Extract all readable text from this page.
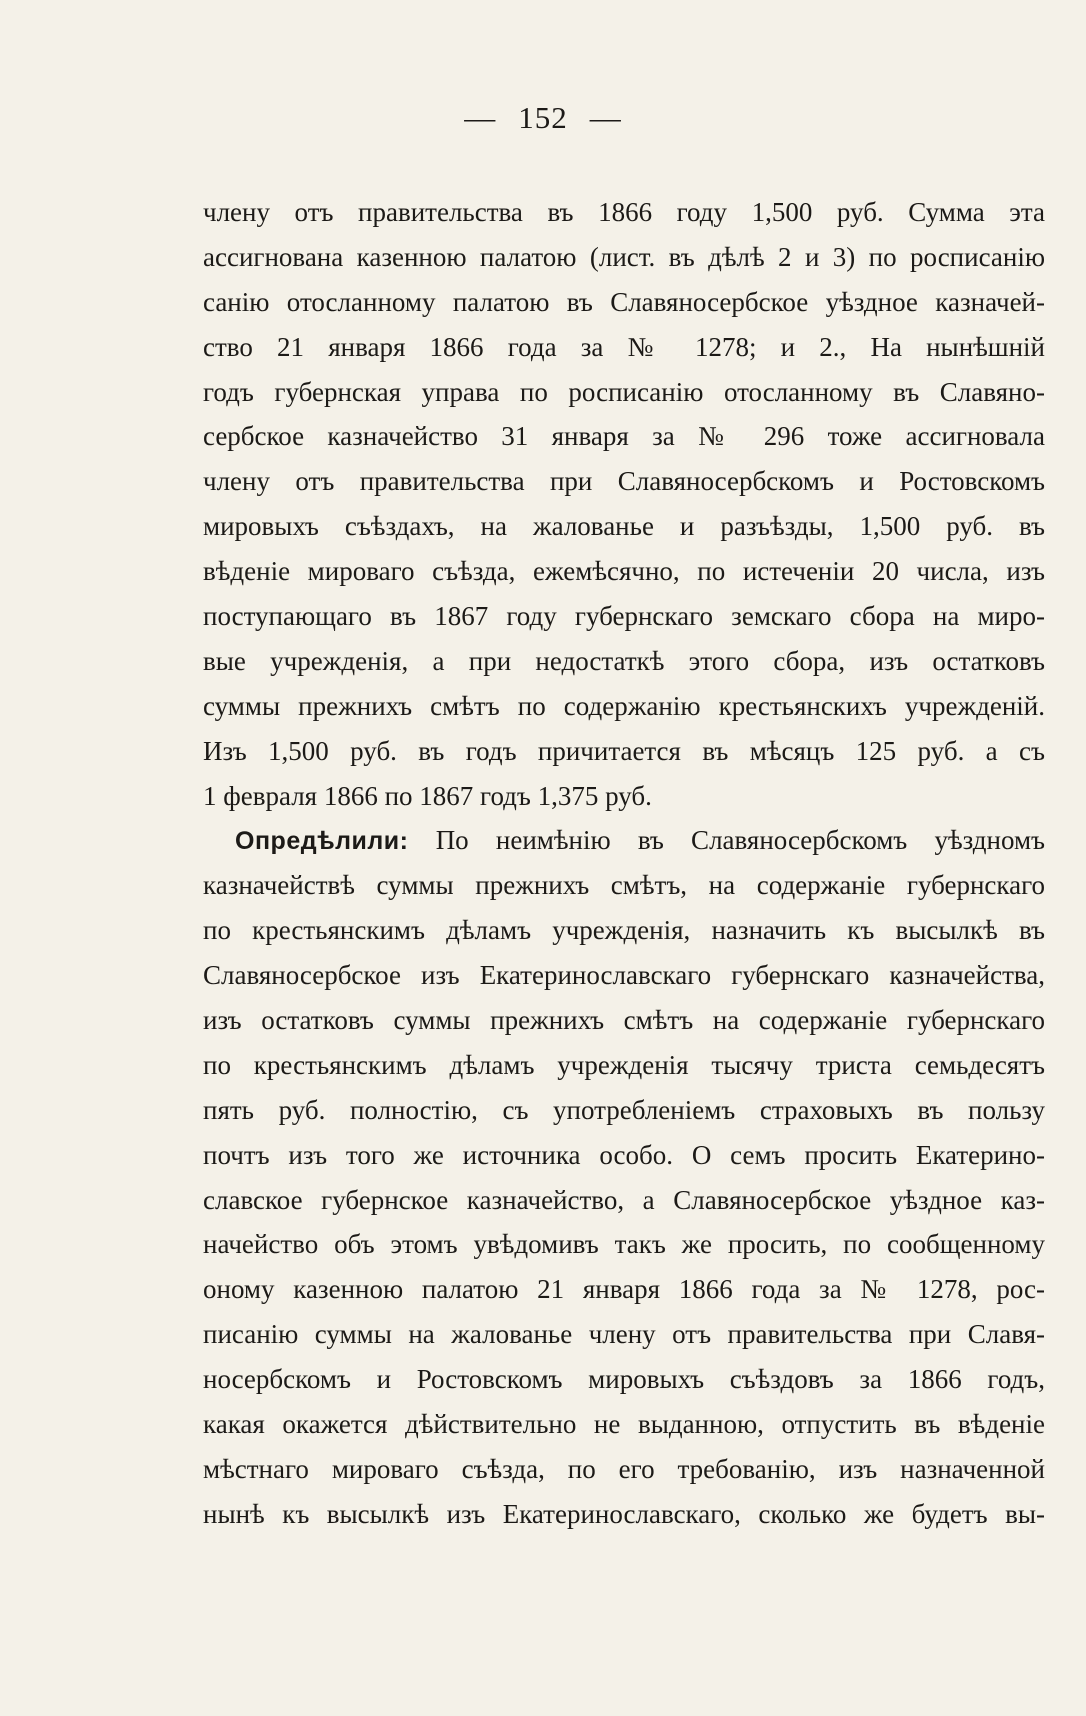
— 152 —
члену отъ правительства въ 1866 году 1,500 руб. Сумма эта
ассигнована казенною палатою (лист. въ дѣлѣ 2 и 3) по росписанію
санію отосланному палатою въ Славяносербское уѣздное казначей-
ство 21 января 1866 года за № 1278; и 2., На нынѣшній
годъ губернская управа по росписанію отосланному въ Славяно-
сербское казначейство 31 января за № 296 тоже ассигновала
члену отъ правительства при Славяносербскомъ и Ростовскомъ
мировыхъ съѣздахъ, на жалованье и разъѣзды, 1,500 руб. въ
вѣденіе мироваго съѣзда, ежемѣсячно, по истеченіи 20 числа, изъ
поступающаго въ 1867 году губернскаго земскаго сбора на миро-
вые учрежденія, а при недостаткѣ этого сбора, изъ остатковъ
суммы прежнихъ смѣтъ по содержанію крестьянскихъ учрежденій.
Изъ 1,500 руб. въ годъ причитается въ мѣсяцъ 125 руб. а съ
1 февраля 1866 по 1867 годъ 1,375 руб.
Опредѣлили: По неимѣнію въ Славяносербскомъ уѣздномъ
казначействѣ суммы прежнихъ смѣтъ, на содержаніе губернскаго
по крестьянскимъ дѣламъ учрежденія, назначить къ высылкѣ въ
Славяносербское изъ Екатеринославскаго губернскаго казначейства,
изъ остатковъ суммы прежнихъ смѣтъ на содержаніе губернскаго
по крестьянскимъ дѣламъ учрежденія тысячу триста семьдесятъ
пять руб. полностію, съ употребленіемъ страховыхъ въ пользу
почтъ изъ того же источника особо. О семъ просить Екатерино-
славское губернское казначейство, а Славяносербское уѣздное каз-
начейство объ этомъ увѣдомивъ такъ же просить, по сообщенному
оному казенною палатою 21 января 1866 года за № 1278, рос-
писанію суммы на жалованье члену отъ правительства при Славя-
носербскомъ и Ростовскомъ мировыхъ съѣздовъ за 1866 годъ,
какая окажется дѣйствительно не выданною, отпустить въ вѣденіе
мѣстнаго мироваго съѣзда, по его требованію, изъ назначенной
нынѣ къ высылкѣ изъ Екатеринославскаго, сколько же будетъ вы-
